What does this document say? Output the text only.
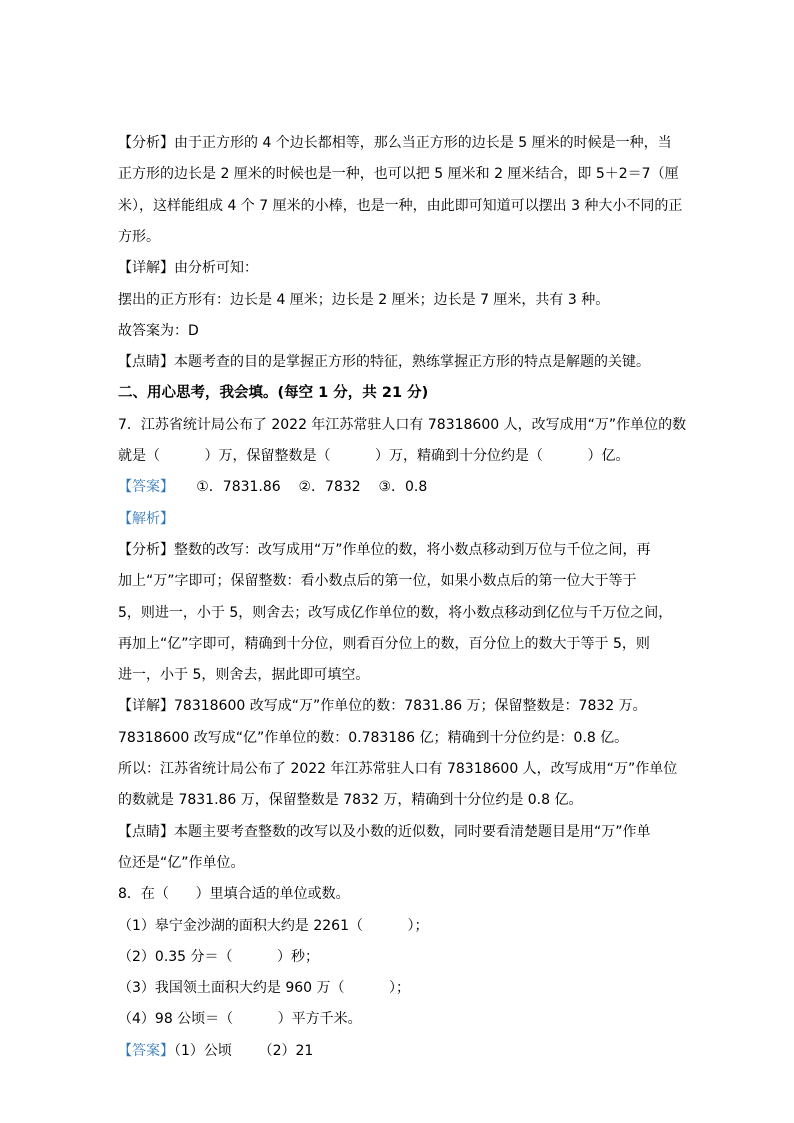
【分析】由于正方形的 4 个边长都相等，那么当正方形的边长是 5 厘米的时候是一种，当
正方形的边长是 2 厘米的时候也是一种，也可以把 5 厘米和 2 厘米结合，即 5＋2＝7（厘
米），这样能组成 4 个 7 厘米的小棒，也是一种，由此即可知道可以摆出 3 种大小不同的正
方形。
【详解】由分析可知：
摆出的正方形有：边长是 4 厘米；边长是 2 厘米；边长是 7 厘米，共有 3 种。
故答案为：D
【点睛】本题考查的目的是掌握正方形的特征，熟练掌握正方形的特点是解题的关键。
二、用心思考，我会填。(每空 1 分，共 21 分)
7．江苏省统计局公布了 2022 年江苏常驻人口有 78318600 人，改写成用“万”作单位的数
就是（          ）万，保留整数是（          ）万，精确到十分位约是（          ）亿。
【答案】     ①．7831.86    ②．7832    ③．0.8
【解析】
【分析】整数的改写：改写成用“万”作单位的数，将小数点移动到万位与千位之间，再
加上“万”字即可；保留整数：看小数点后的第一位，如果小数点后的第一位大于等于
5，则进一，小于 5，则舍去；改写成亿作单位的数，将小数点移动到亿位与千万位之间，
再加上“亿”字即可，精确到十分位，则看百分位上的数，百分位上的数大于等于 5，则
进一，小于 5，则舍去，据此即可填空。
【详解】78318600 改写成“万”作单位的数：7831.86 万；保留整数是：7832 万。
78318600 改写成“亿”作单位的数：0.783186 亿；精确到十分位约是：0.8 亿。
所以：江苏省统计局公布了 2022 年江苏常驻人口有 78318600 人，改写成用“万”作单位
的数就是 7831.86 万，保留整数是 7832 万，精确到十分位约是 0.8 亿。
【点睛】本题主要考查整数的改写以及小数的近似数，同时要看清楚题目是用“万”作单
位还是“亿”作单位。
8．在（      ）里填合适的单位或数。
（1）皋宁金沙湖的面积大约是 2261（          ）；
（2）0.35 分＝（          ）秒；
（3）我国领土面积大约是 960 万（          ）；
（4）98 公顷＝（          ）平方千米。
【答案】（1）公顷      （2）21
